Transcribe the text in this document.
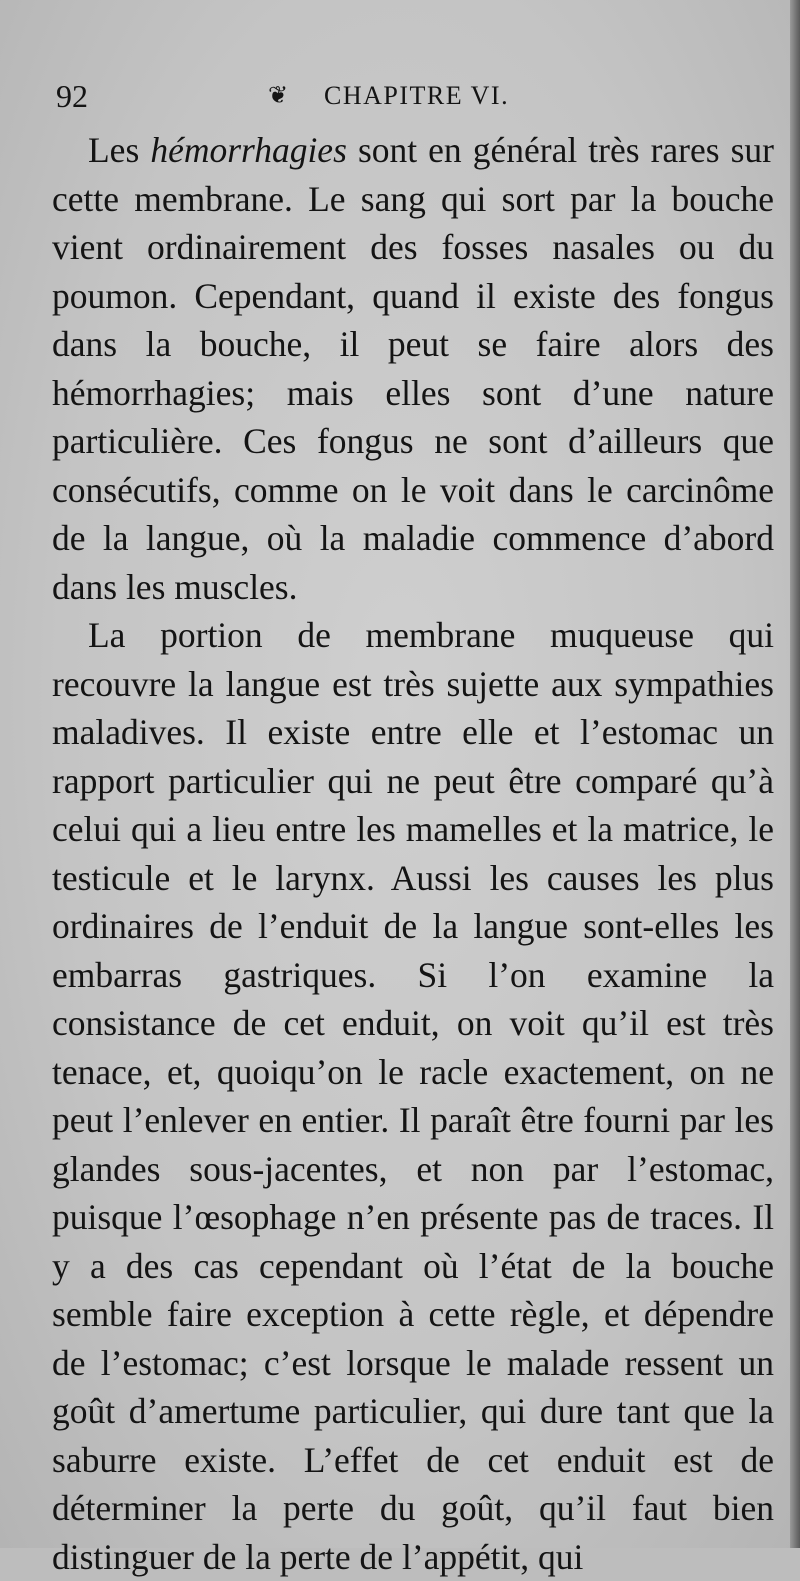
92	❦ CHAPITRE VI.

Les hémorrhagies sont en général très rares sur cette membrane. Le sang qui sort par la bouche vient ordinairement des fosses nasales ou du poumon. Cependant, quand il existe des fongus dans la bouche, il peut se faire alors des hémorrhagies; mais elles sont d’une nature particulière. Ces fongus ne sont d’ailleurs que consécutifs, comme on le voit dans le carcinôme de la langue, où la maladie commence d’abord dans les muscles.

La portion de membrane muqueuse qui recouvre la langue est très sujette aux sympathies maladives. Il existe entre elle et l’estomac un rapport particulier qui ne peut être comparé qu’à celui qui a lieu entre les mamelles et la matrice, le testicule et le larynx. Aussi les causes les plus ordinaires de l’enduit de la langue sont-elles les embarras gastriques. Si l’on examine la consistance de cet enduit, on voit qu’il est très tenace, et, quoiqu’on le racle exactement, on ne peut l’enlever en entier. Il paraît être fourni par les glandes sous-jacentes, et non par l’estomac, puisque l’œsophage n’en présente pas de traces. Il y a des cas cependant où l’état de la bouche semble faire exception à cette règle, et dépendre de l’estomac; c’est lorsque le malade ressent un goût d’amertume particulier, qui dure tant que la saburre existe. L’effet de cet enduit est de déterminer la perte du goût, qu’il faut bien distinguer de la perte de l’appétit, qui
